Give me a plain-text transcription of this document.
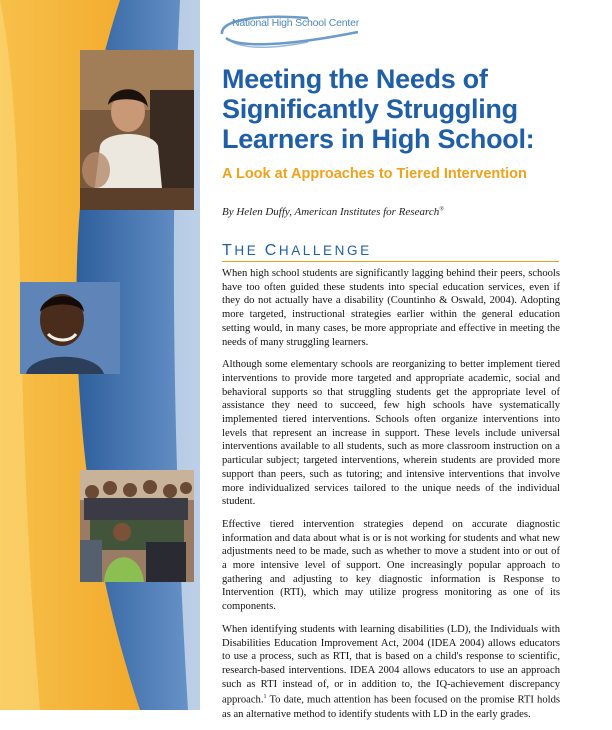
National High School Center
Meeting the Needs of Significantly Struggling Learners in High School:
A Look at Approaches to Tiered Intervention
By Helen Duffy, American Institutes for Research®
THE CHALLENGE

When high school students are significantly lagging behind their peers, schools have too often guided these students into special education services, even if they do not actually have a disability (Countinho & Oswald, 2004). Adopting more targeted, instructional strategies earlier within the general education setting would, in many cases, be more appropriate and effective in meeting the needs of many struggling learners.

Although some elementary schools are reorganizing to better implement tiered interventions to provide more targeted and appropriate academic, social and behavioral supports so that struggling students get the appropriate level of assistance they need to succeed, few high schools have systematically implemented tiered interventions. Schools often organize interventions into levels that represent an increase in support. These levels include universal interventions available to all students, such as more classroom instruction on a particular subject; targeted interventions, wherein students are provided more support than peers, such as tutoring; and intensive interventions that involve more individualized services tailored to the unique needs of the individual student.

Effective tiered intervention strategies depend on accurate diagnostic information and data about what is or is not working for students and what new adjustments need to be made, such as whether to move a student into or out of a more intensive level of support. One increasingly popular approach to gathering and adjusting to key diagnostic information is Response to Intervention (RTI), which may utilize progress monitoring as one of its components.

When identifying students with learning disabilities (LD), the Individuals with Disabilities Education Improvement Act, 2004 (IDEA 2004) allows educators to use a process, such as RTI, that is based on a child's response to scientific, research-based interventions. IDEA 2004 allows educators to use an approach such as RTI instead of, or in addition to, the IQ-achievement discrepancy approach.$^1$ To date, much attention has been focused on the promise RTI holds as an alternative method to identify students with LD in the early grades.
